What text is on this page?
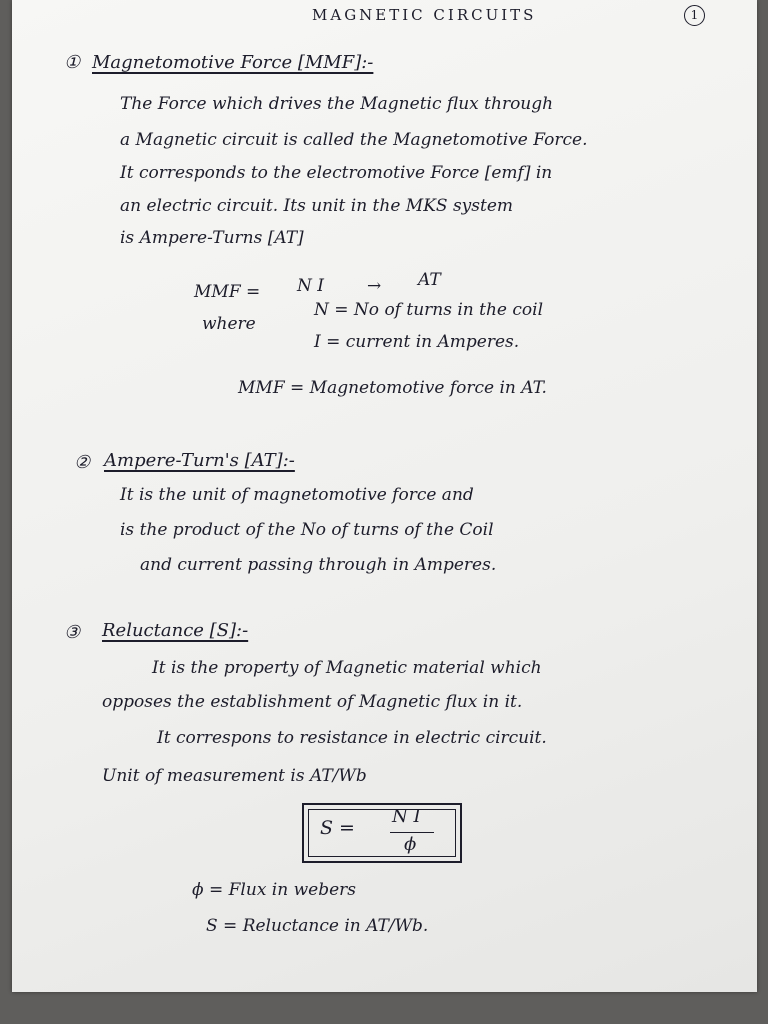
MAGNETIC CIRCUITS	1
① Magnetomotive Force [MMF]:-
The Force which drives the Magnetic flux through
a Magnetic circuit is called the Magnetomotive Force.
It corresponds to the electromotive Force [emf] in
an electric circuit. Its unit in the MKS system
is Ampere-Turns [AT]
MMF = N I	→ AT
where
N = No of turns in the coil
I = current in Amperes.
MMF = Magnetomotive force in AT.
② Ampere-Turn's [AT]:-
It is the unit of magnetomotive force and
is the product of the No of turns of the Coil
and current passing through in Amperes.
③ Reluctance [S]:-
It is the property of Magnetic material which
opposes the establishment of Magnetic flux in it.
It correspons to resistance in electric circuit.
Unit of measurement is AT/Wb
S =
N I
ϕ
ϕ = Flux in webers
S = Reluctance in AT/Wb.
